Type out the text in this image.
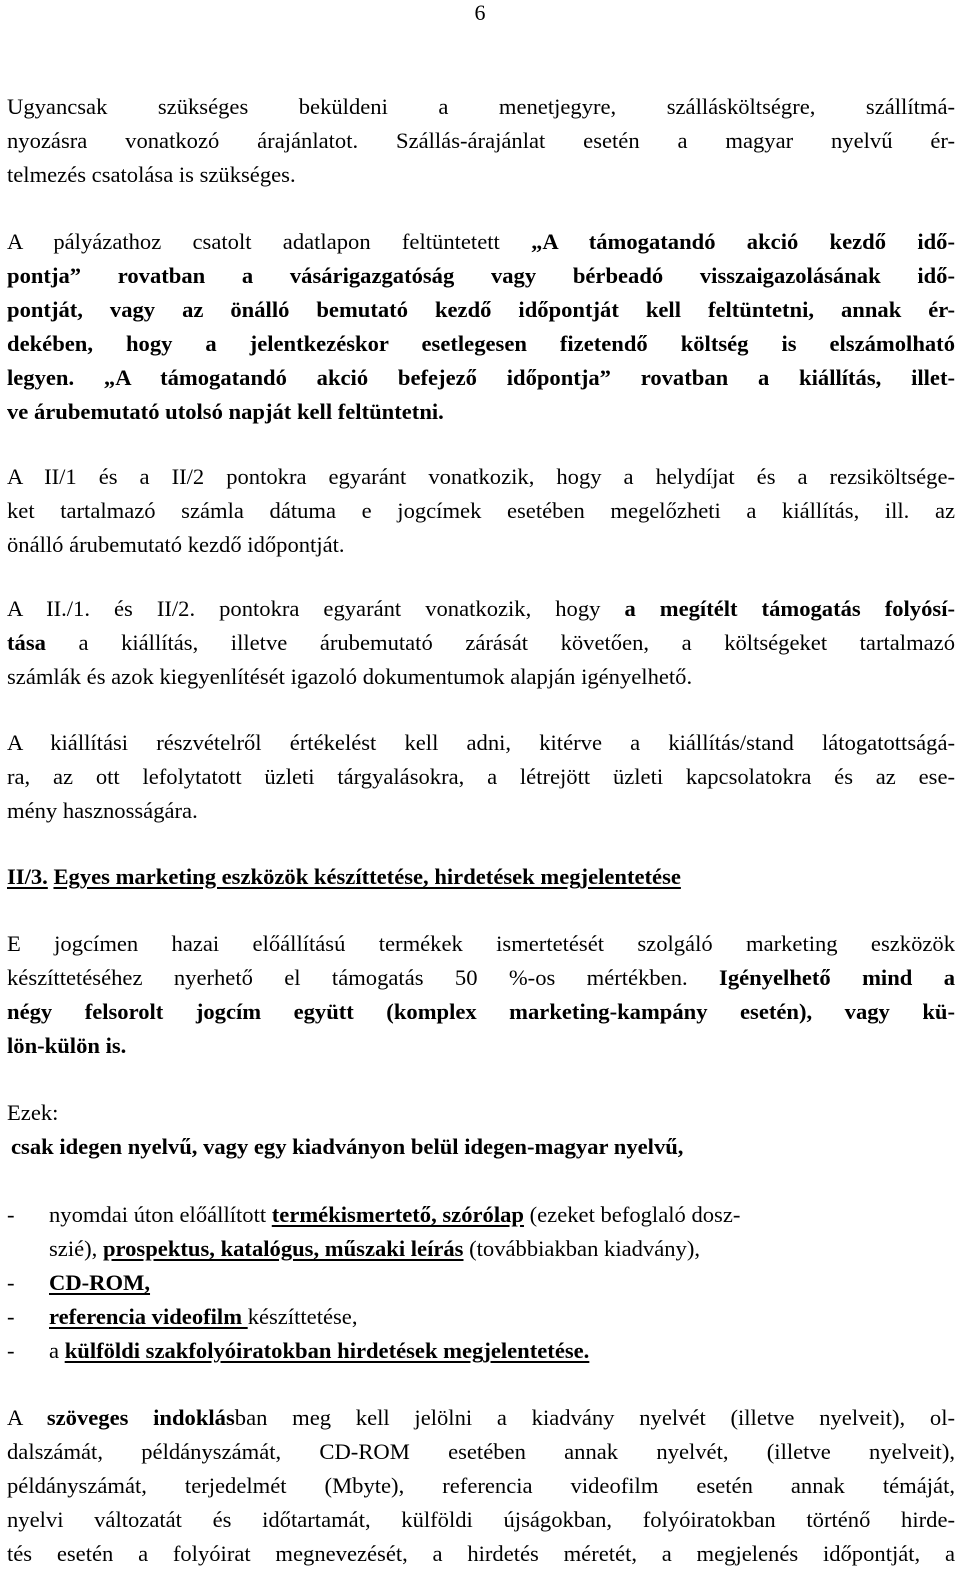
6
Ugyancsak szükséges beküldeni a menetjegyre, szállásköltségre, szállítmá-
nyozásra vonatkozó árajánlatot. Szállás-árajánlat esetén a magyar nyelvű ér-
telmezés csatolása is szükséges.
A pályázathoz csatolt adatlapon feltüntetett „A támogatandó akció kezdő idő-
pontja” rovatban a vásárigazgatóság vagy bérbeadó visszaigazolásának idő-
pontját, vagy az önálló bemutató kezdő időpontját kell feltüntetni, annak ér-
dekében, hogy a jelentkezéskor esetlegesen fizetendő költség is elszámolható
legyen. „A támogatandó akció befejező időpontja” rovatban a kiállítás, illet-
ve árubemutató utolsó napját kell feltüntetni.
A II/1 és a II/2 pontokra egyaránt vonatkozik, hogy a helydíjat és a rezsiköltsége-
ket tartalmazó számla dátuma e jogcímek esetében megelőzheti a kiállítás, ill. az
önálló árubemutató kezdő időpontját.
A II./1. és II/2. pontokra egyaránt vonatkozik, hogy a megítélt támogatás folyósí-
tása a kiállítás, illetve árubemutató zárását követően, a költségeket tartalmazó
számlák és azok kiegyenlítését igazoló dokumentumok alapján igényelhető.
A kiállítási részvételről értékelést kell adni, kitérve a kiállítás/stand látogatottságá-
ra, az ott lefolytatott üzleti tárgyalásokra, a létrejött üzleti kapcsolatokra és az ese-
mény hasznosságára.
II/3. Egyes marketing eszközök készíttetése, hirdetések megjelentetése
E jogcímen hazai előállítású termékek ismertetését szolgáló marketing eszközök
készíttetéséhez nyerhető el támogatás 50 %-os mértékben. Igényelhető mind a
négy felsorolt jogcím együtt (komplex marketing-kampány esetén), vagy kü-
lön-külön is.
Ezek:
csak idegen nyelvű, vagy egy kiadványon belül idegen-magyar nyelvű,
- nyomdai úton előállított termékismertető, szórólap (ezeket befoglaló dosz-
szié), prospektus, katalógus, műszaki leírás (továbbiakban kiadvány),
- CD-ROM,
- referencia videofilm készíttetése,
- a külföldi szakfolyóiratokban hirdetések megjelentetése.
A szöveges indoklásban meg kell jelölni a kiadvány nyelvét (illetve nyelveit), ol-
dalszámát, példányszámát, CD-ROM esetében annak nyelvét, (illetve nyelveit),
példányszámát, terjedelmét (Mbyte), referencia videofilm esetén annak témáját,
nyelvi változatát és időtartamát, külföldi újságokban, folyóiratokban történő hirde-
tés esetén a folyóirat megnevezését, a hirdetés méretét, a megjelenés időpontját, a
